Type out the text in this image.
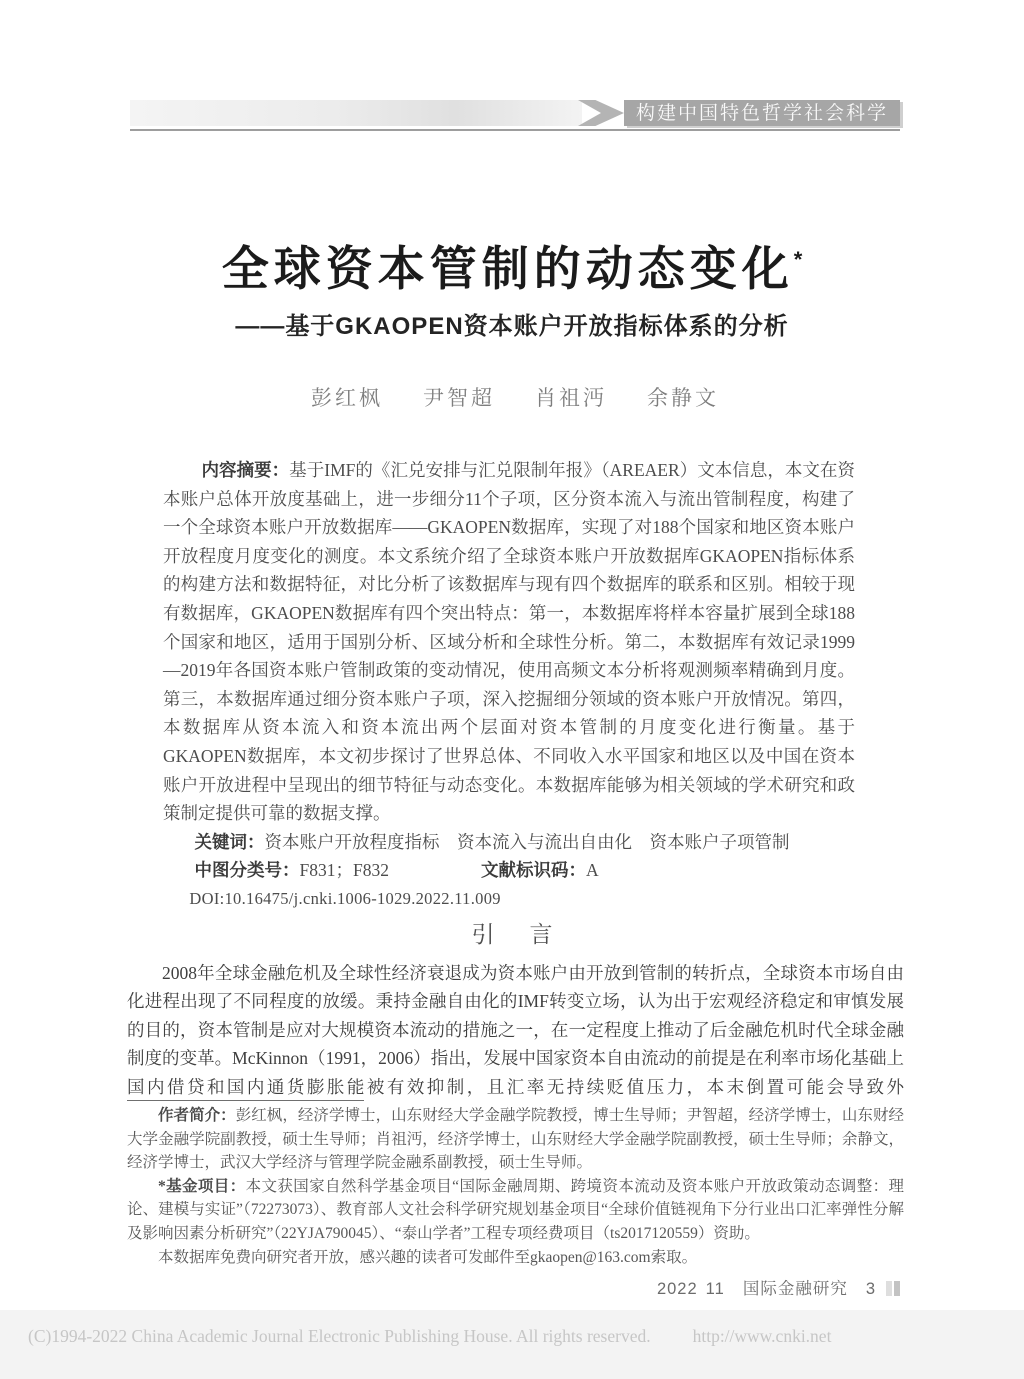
构建中国特色哲学社会科学
全球资本管制的动态变化*
——基于GKAOPEN资本账户开放指标体系的分析
彭红枫 尹智超 肖祖沔 余静文

内容摘要：基于IMF的《汇兑安排与汇兑限制年报》（AREAER）文本信息，本文在资本账户总体开放度基础上，进一步细分11个子项，区分资本流入与流出管制程度，构建了一个全球资本账户开放数据库——GKAOPEN数据库，实现了对188个国家和地区资本账户开放程度月度变化的测度。本文系统介绍了全球资本账户开放数据库GKAOPEN指标体系的构建方法和数据特征，对比分析了该数据库与现有四个数据库的联系和区别。相较于现有数据库，GKAOPEN数据库有四个突出特点：第一，本数据库将样本容量扩展到全球188个国家和地区，适用于国别分析、区域分析和全球性分析。第二，本数据库有效记录1999—2019年各国资本账户管制政策的变动情况，使用高频文本分析将观测频率精确到月度。第三，本数据库通过细分资本账户子项，深入挖掘细分领域的资本账户开放情况。第四，本数据库从资本流入和资本流出两个层面对资本管制的月度变化进行衡量。基于GKAOPEN数据库，本文初步探讨了世界总体、不同收入水平国家和地区以及中国在资本账户开放进程中呈现出的细节特征与动态变化。本数据库能够为相关领域的学术研究和政策制定提供可靠的数据支撑。

关键词：资本账户开放程度指标　资本流入与流出自由化　资本账户子项管制

中图分类号：F831；F832	文献标识码：A

DOI:10.16475/j.cnki.1006-1029.2022.11.009

引　言

2008年全球金融危机及全球性经济衰退成为资本账户由开放到管制的转折点，全球资本市场自由化进程出现了不同程度的放缓。秉持金融自由化的IMF转变立场，认为出于宏观经济稳定和审慎发展的目的，资本管制是应对大规模资本流动的措施之一，在一定程度上推动了后金融危机时代全球金融制度的变革。McKinnon（1991，2006）指出，发展中国家资本自由流动的前提是在利率市场化基础上国内借贷和国内通货膨胀能被有效抑制，且汇率无持续贬值压力，本末倒置可能会导致外

作者简介：彭红枫，经济学博士，山东财经大学金融学院教授，博士生导师；尹智超，经济学博士，山东财经大学金融学院副教授，硕士生导师；肖祖沔，经济学博士，山东财经大学金融学院副教授，硕士生导师；余静文，经济学博士，武汉大学经济与管理学院金融系副教授，硕士生导师。

*基金项目：本文获国家自然科学基金项目“国际金融周期、跨境资本流动及资本账户开放政策动态调整：理论、建模与实证”（72273073）、教育部人文社会科学研究规划基金项目“全球价值链视角下分行业出口汇率弹性分解及影响因素分析研究”（22YJA790045）、“泰山学者”工程专项经费项目（ts2017120559）资助。

本数据库免费向研究者开放，感兴趣的读者可发邮件至gkaopen@163.com索取。

2022 11 国际金融研究 3
(C)1994-2022 China Academic Journal Electronic Publishing House. All rights reserved. http://www.cnki.net
